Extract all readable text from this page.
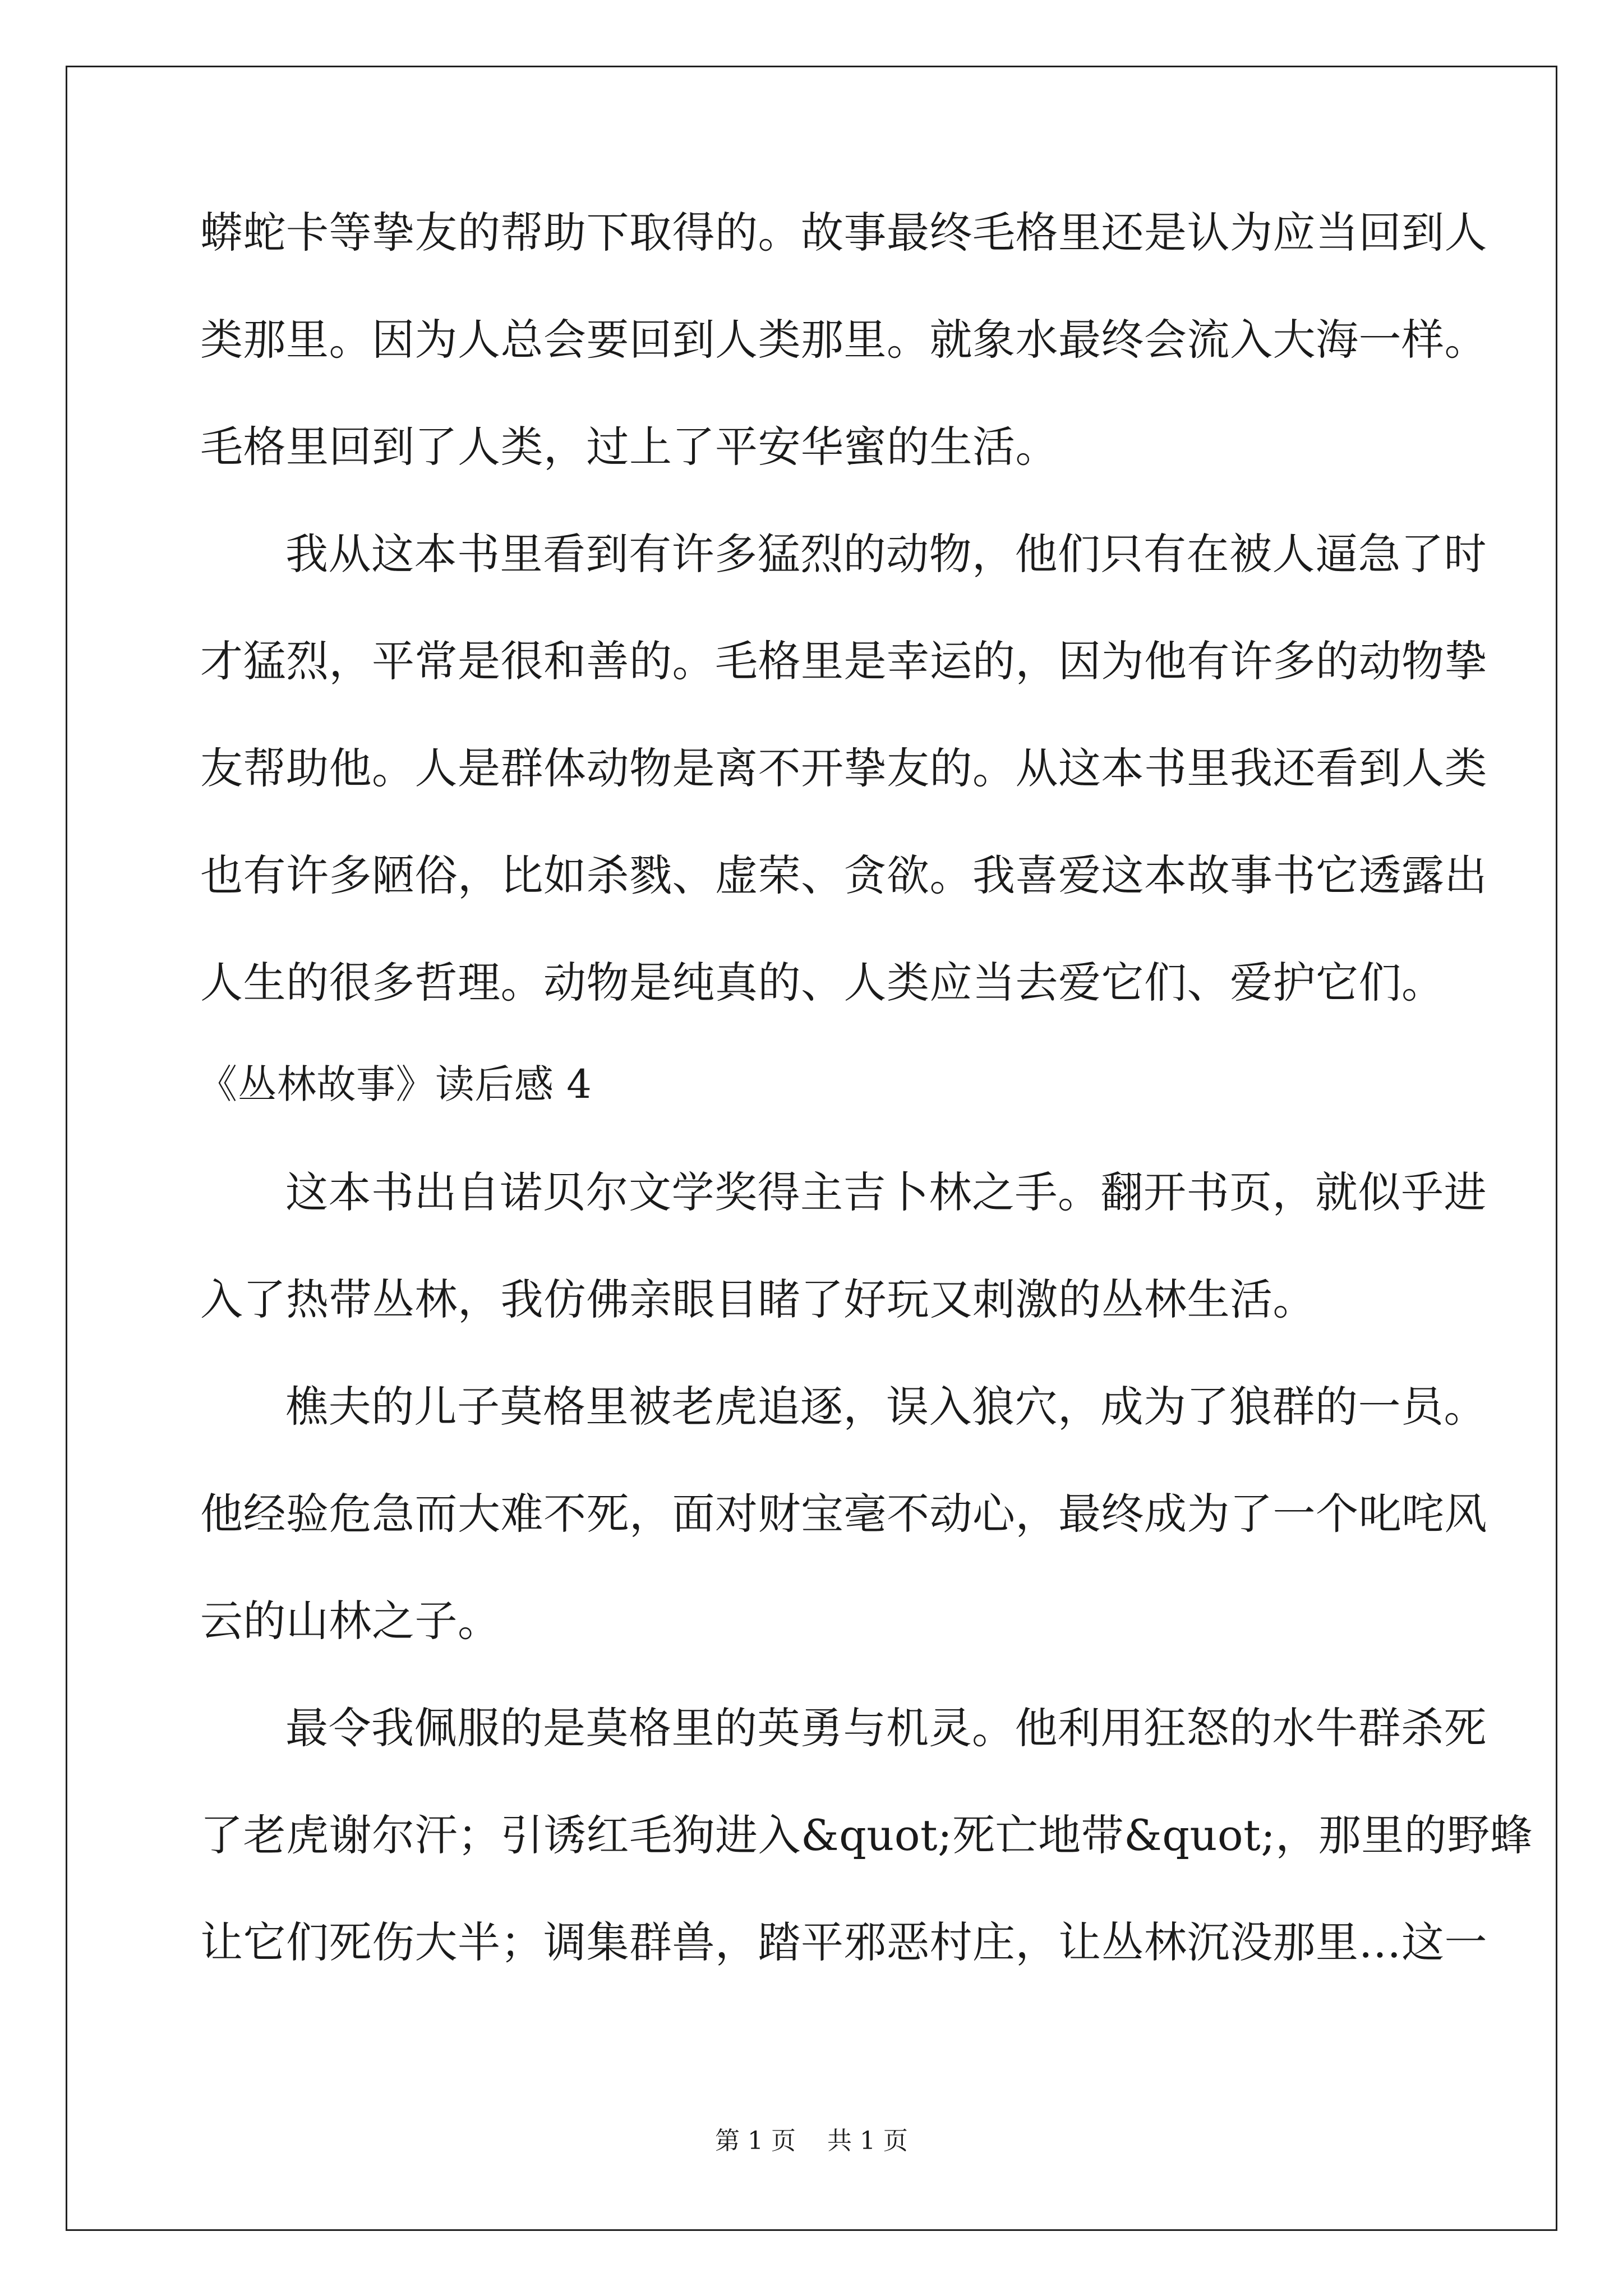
蟒蛇卡等挚友的帮助下取得的。故事最终毛格里还是认为应当回到人
类那里。因为人总会要回到人类那里。就象水最终会流入大海一样。
毛格里回到了人类，过上了平安华蜜的生活。
我从这本书里看到有许多猛烈的动物，他们只有在被人逼急了时
才猛烈，平常是很和善的。毛格里是幸运的，因为他有许多的动物挚
友帮助他。人是群体动物是离不开挚友的。从这本书里我还看到人类
也有许多陋俗，比如杀戮、虚荣、贪欲。我喜爱这本故事书它透露出
人生的很多哲理。动物是纯真的、人类应当去爱它们、爱护它们。
《丛林故事》读后感 4
这本书出自诺贝尔文学奖得主吉卜林之手。翻开书页，就似乎进
入了热带丛林，我仿佛亲眼目睹了好玩又刺激的丛林生活。
樵夫的儿子莫格里被老虎追逐，误入狼穴，成为了狼群的一员。
他经验危急而大难不死，面对财宝毫不动心，最终成为了一个叱咤风
云的山林之子。
最令我佩服的是莫格里的英勇与机灵。他利用狂怒的水牛群杀死
了老虎谢尔汗；引诱红毛狗进入&quot;死亡地带&quot;，那里的野蜂
让它们死伤大半；调集群兽，踏平邪恶村庄，让丛林沉没那里…这一
第 1 页    共 1 页
